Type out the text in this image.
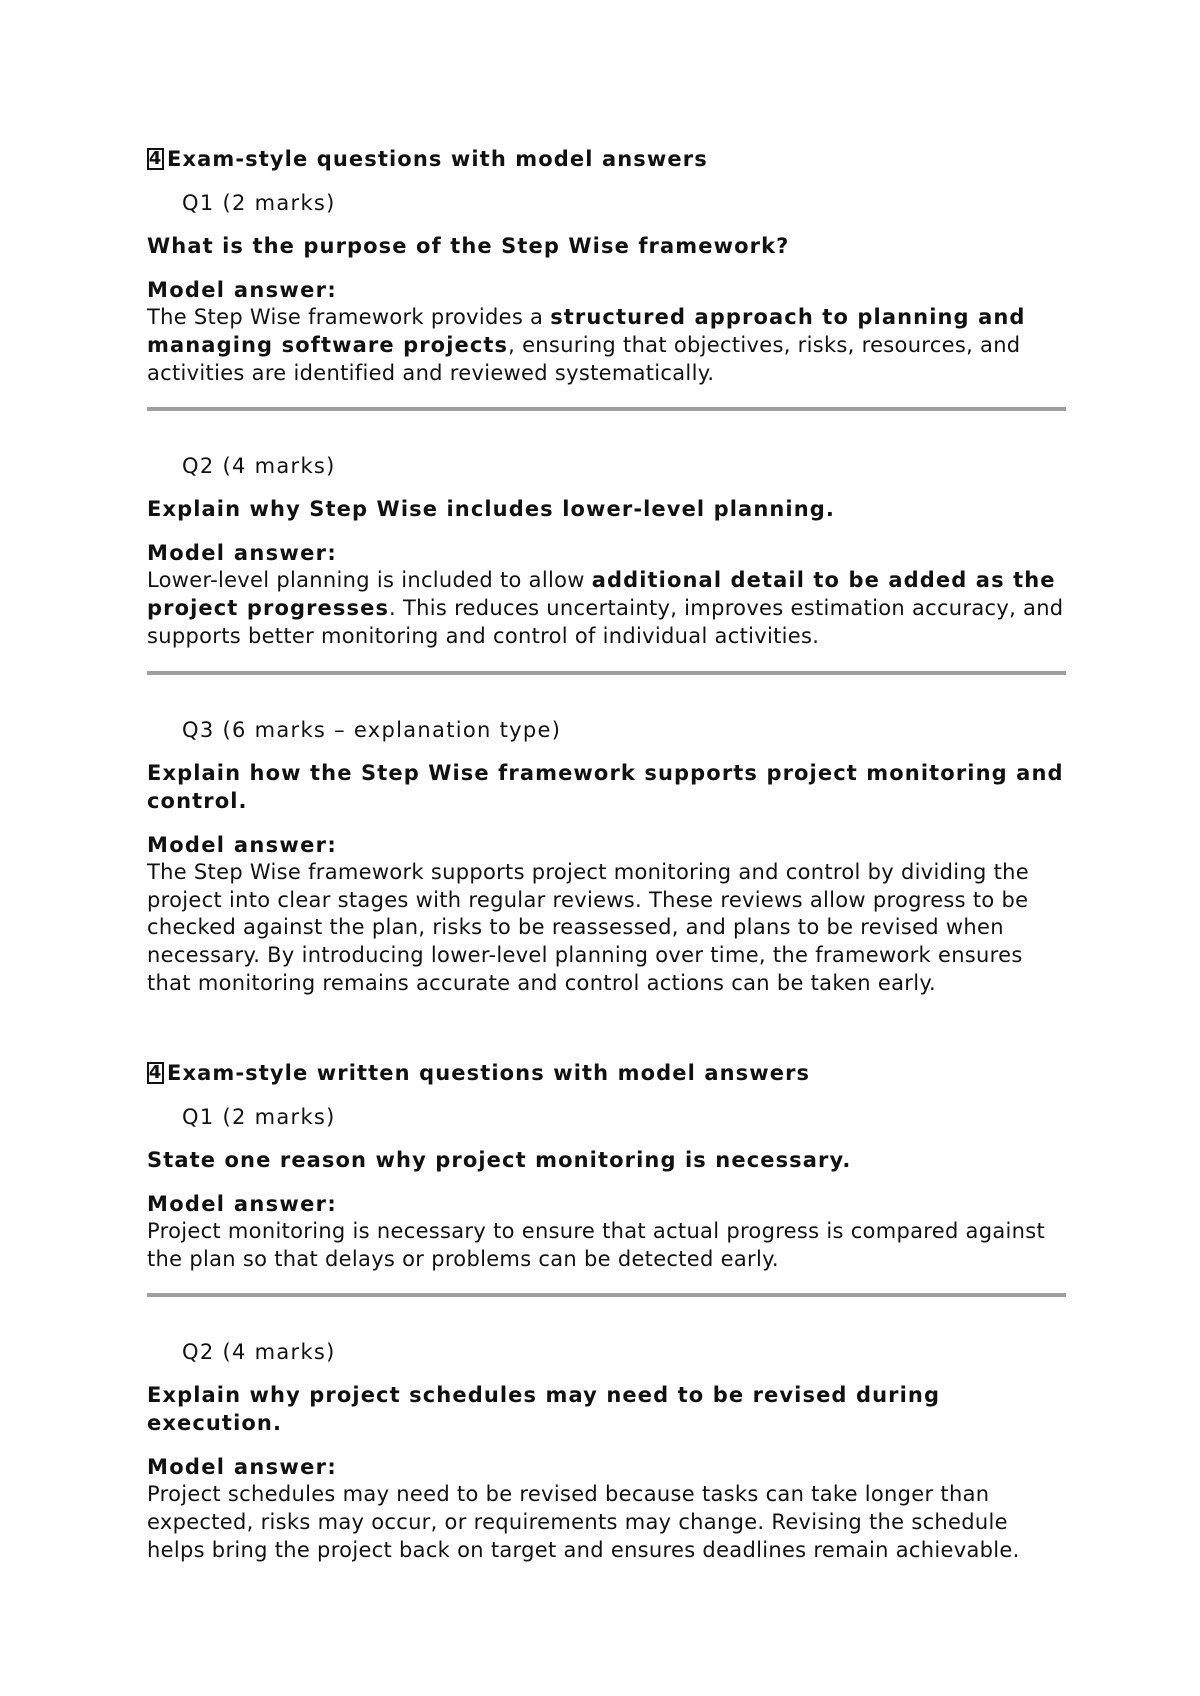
4 Exam-style questions with model answers
Q1 (2 marks)
What is the purpose of the Step Wise framework?
Model answer:
The Step Wise framework provides a structured approach to planning and managing software projects, ensuring that objectives, risks, resources, and activities are identified and reviewed systematically.
Q2 (4 marks)
Explain why Step Wise includes lower-level planning.
Model answer:
Lower-level planning is included to allow additional detail to be added as the project progresses. This reduces uncertainty, improves estimation accuracy, and supports better monitoring and control of individual activities.
Q3 (6 marks – explanation type)
Explain how the Step Wise framework supports project monitoring and control.
Model answer:
The Step Wise framework supports project monitoring and control by dividing the project into clear stages with regular reviews. These reviews allow progress to be checked against the plan, risks to be reassessed, and plans to be revised when necessary. By introducing lower-level planning over time, the framework ensures that monitoring remains accurate and control actions can be taken early.
4 Exam-style written questions with model answers
Q1 (2 marks)
State one reason why project monitoring is necessary.
Model answer:
Project monitoring is necessary to ensure that actual progress is compared against the plan so that delays or problems can be detected early.
Q2 (4 marks)
Explain why project schedules may need to be revised during execution.
Model answer:
Project schedules may need to be revised because tasks can take longer than expected, risks may occur, or requirements may change. Revising the schedule helps bring the project back on target and ensures deadlines remain achievable.
